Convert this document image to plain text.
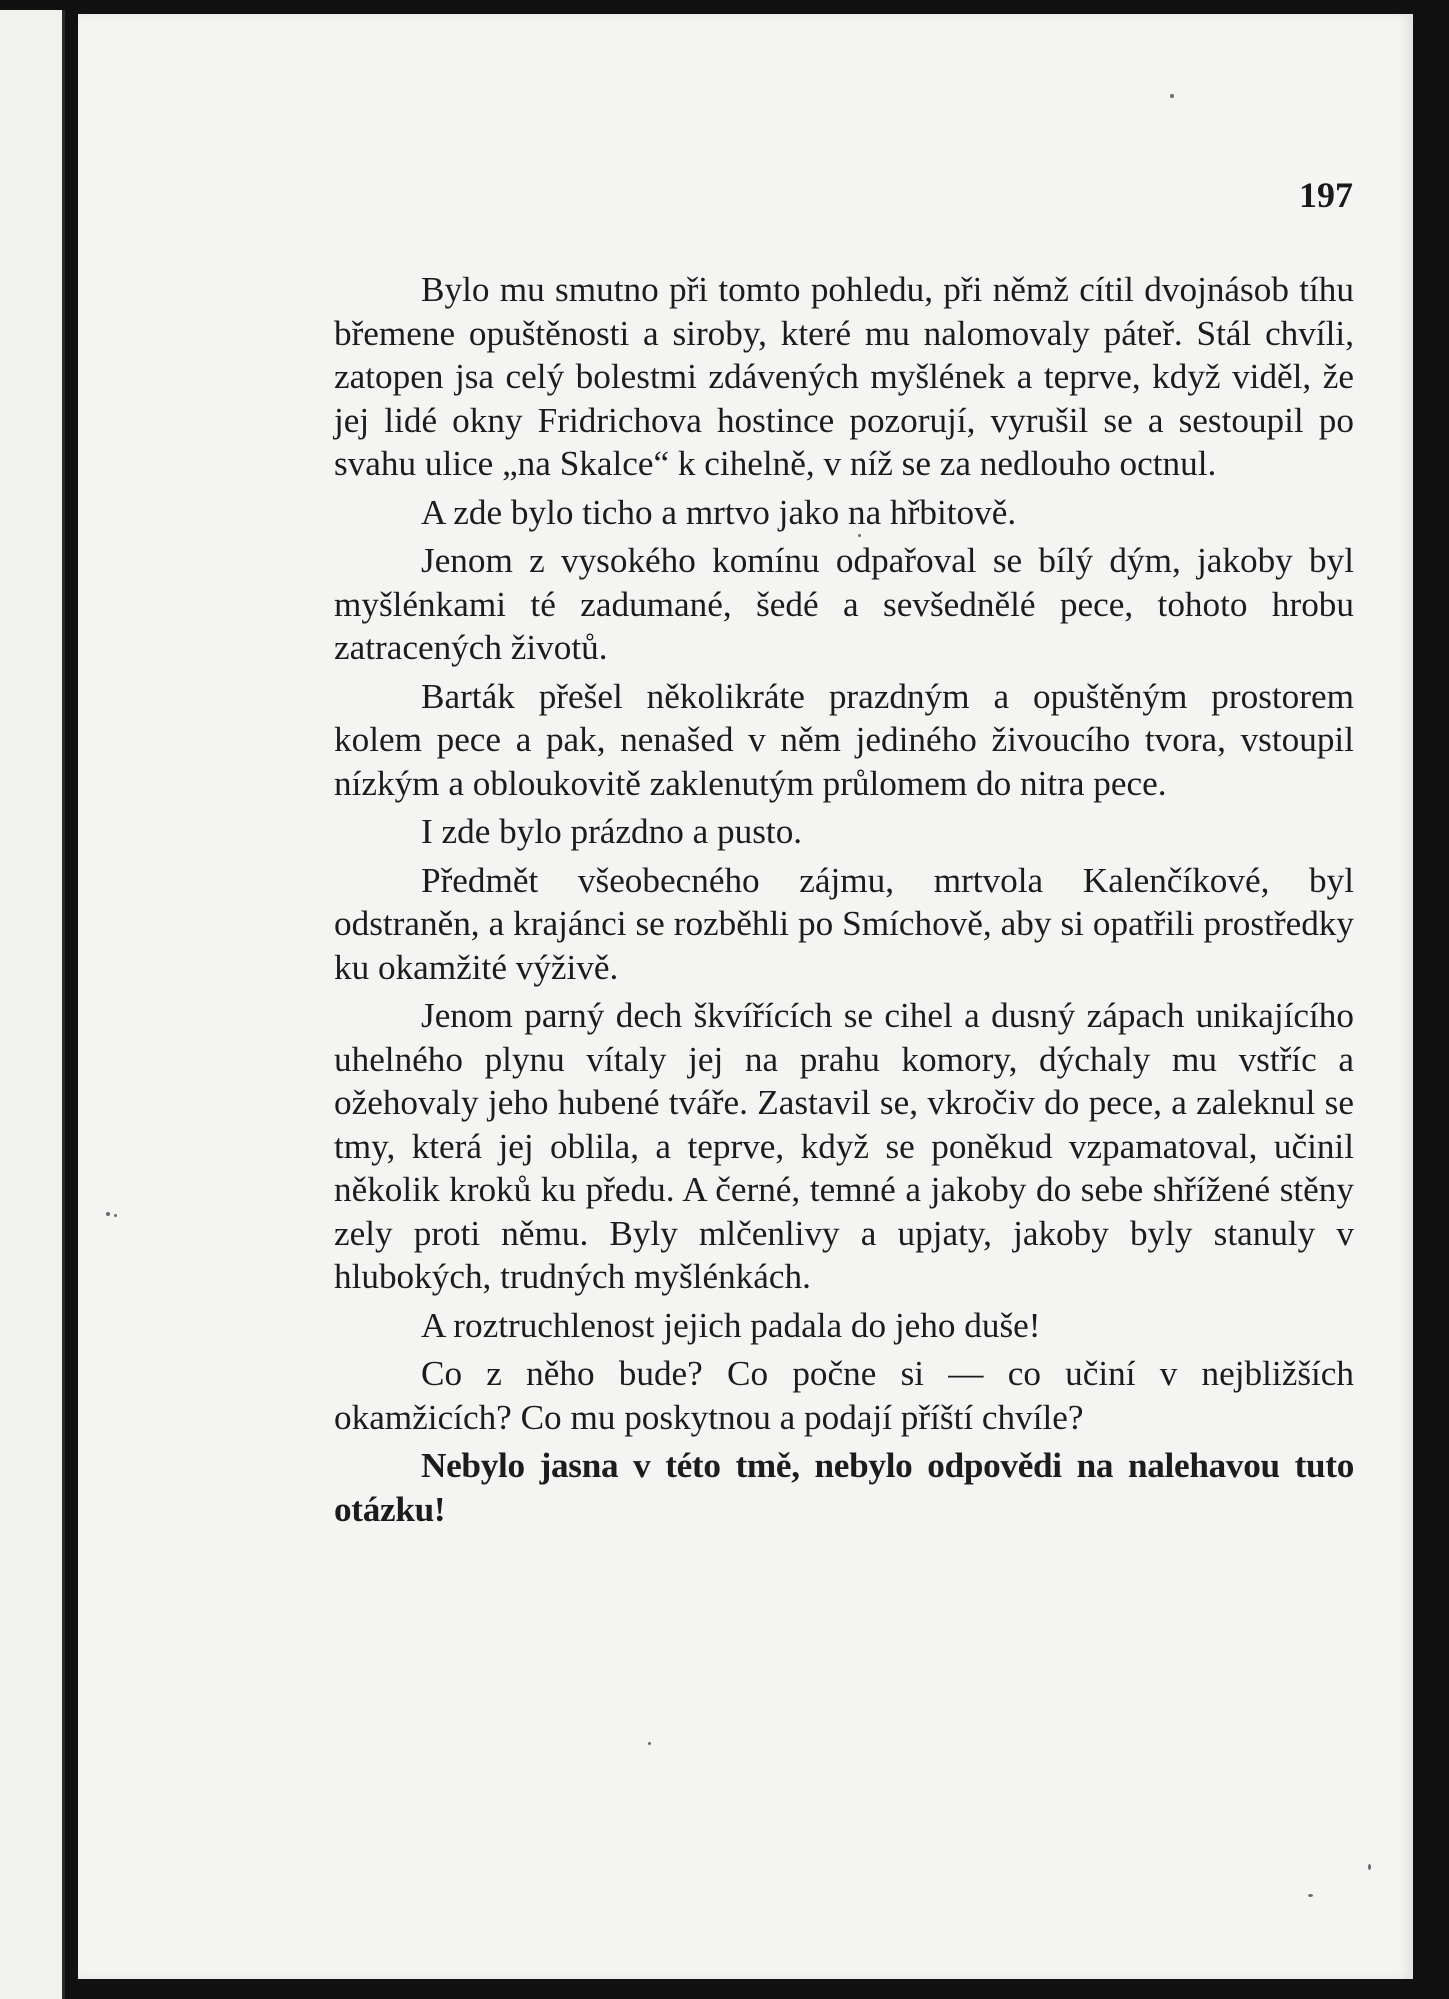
197

Bylo mu smutno při tomto pohledu, při němž cítil dvojnásob tíhu břemene opuštěnosti a siroby, které mu nalomovaly páteř. Stál chvíli, zatopen jsa celý bolestmi zdávených myšlének a teprve, když viděl, že jej lidé okny Fridrichova hostince pozorují, vyrušil se a sestoupil po svahu ulice „na Skalce“ k cihelně, v níž se za nedlouho octnul.

A zde bylo ticho a mrtvo jako na hřbitově.

Jenom z vysokého komínu odpařoval se bílý dým, jakoby byl myšlénkami té zadumané, šedé a sevšednělé pece, tohoto hrobu zatracených životů.

Barták přešel několikráte prazdným a opuštěným prostorem kolem pece a pak, nenašed v něm jediného živoucího tvora, vstoupil nízkým a obloukovitě zaklenutým průlomem do nitra pece.

I zde bylo prázdno a pusto.

Předmět všeobecného zájmu, mrtvola Kalenčíkové, byl odstraněn, a krajánci se rozběhli po Smíchově, aby si opatřili prostředky ku okamžité výživě.

Jenom parný dech škvířících se cihel a dusný zápach unikajícího uhelného plynu vítaly jej na prahu komory, dýchaly mu vstříc a ožehovaly jeho hubené tváře. Zastavil se, vkročiv do pece, a zaleknul se tmy, která jej oblila, a teprve, když se poněkud vzpamatoval, učinil několik kroků ku předu. A černé, temné a jakoby do sebe shřížené stěny zely proti němu. Byly mlčenlivy a upjaty, jakoby byly stanuly v hlubokých, trudných myšlénkách.

A roztruchlenost jejich padala do jeho duše!

Co z něho bude? Co počne si — co učiní v nejbližších okamžicích? Co mu poskytnou a podají příští chvíle?

Nebylo jasna v této tmě, nebylo odpovědi na nalehavou tuto otázku!
